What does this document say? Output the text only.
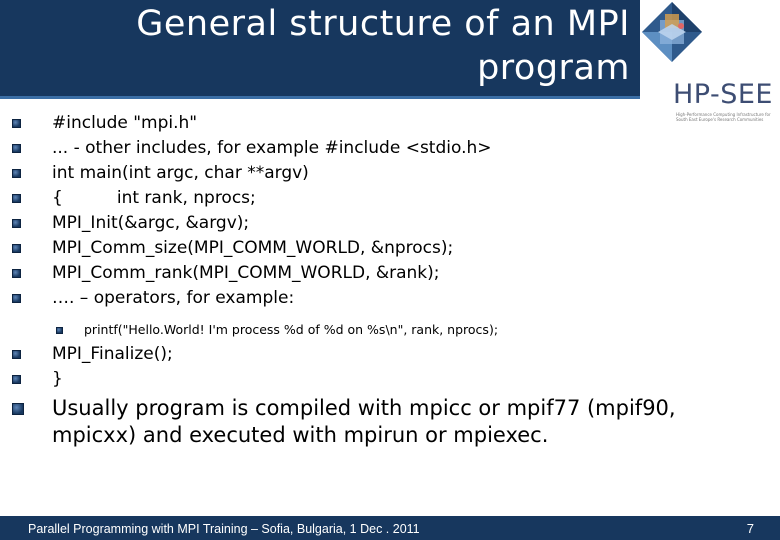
General structure of an MPI
program
HP-SEE
High-Performance Computing Infrastructure for South East Europe's Research Communities
#include "mpi.h"
... - other includes, for example #include <stdio.h>
int main(int argc, char **argv)
{          int rank, nprocs;
MPI_Init(&argc, &argv);
MPI_Comm_size(MPI_COMM_WORLD, &nprocs);
MPI_Comm_rank(MPI_COMM_WORLD, &rank);
…. – operators, for example:
printf("Hello.World! I'm process %d of %d on %s\n", rank, nprocs);
MPI_Finalize();
}
Usually program is compiled with mpicc or mpif77 (mpif90, mpicxx) and executed with mpirun or mpiexec.
Parallel Programming with MPI Training – Sofia, Bulgaria, 1 Dec . 2011	7
